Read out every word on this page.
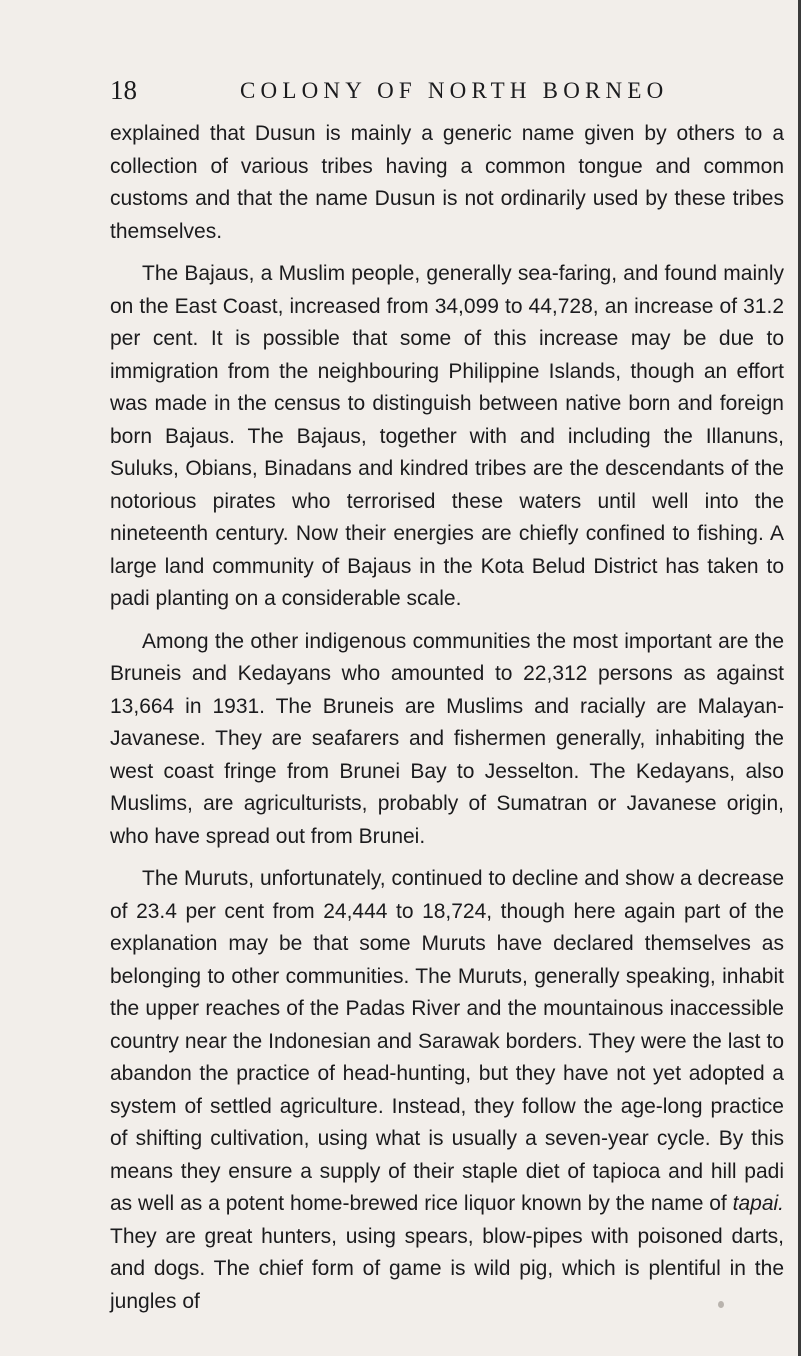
18	COLONY OF NORTH BORNEO

explained that Dusun is mainly a generic name given by others to a collection of various tribes having a common tongue and common customs and that the name Dusun is not ordinarily used by these tribes themselves.

The Bajaus, a Muslim people, generally sea-faring, and found mainly on the East Coast, increased from 34,099 to 44,728, an increase of 31.2 per cent. It is possible that some of this increase may be due to immigration from the neighbouring Philippine Islands, though an effort was made in the census to distinguish between native born and foreign born Bajaus. The Bajaus, together with and including the Illanuns, Suluks, Obians, Binadans and kindred tribes are the descendants of the notorious pirates who terrorised these waters until well into the nineteenth century. Now their energies are chiefly confined to fishing. A large land community of Bajaus in the Kota Belud District has taken to padi planting on a considerable scale.

Among the other indigenous communities the most important are the Bruneis and Kedayans who amounted to 22,312 persons as against 13,664 in 1931. The Bruneis are Muslims and racially are Malayan-Javanese. They are seafarers and fishermen generally, inhabiting the west coast fringe from Brunei Bay to Jesselton. The Kedayans, also Muslims, are agriculturists, probably of Sumatran or Javanese origin, who have spread out from Brunei.

The Muruts, unfortunately, continued to decline and show a decrease of 23.4 per cent from 24,444 to 18,724, though here again part of the explanation may be that some Muruts have declared themselves as belonging to other communities. The Muruts, generally speaking, inhabit the upper reaches of the Padas River and the mountainous inaccessible country near the Indonesian and Sarawak borders. They were the last to abandon the practice of head-hunting, but they have not yet adopted a system of settled agriculture. Instead, they follow the age-long practice of shifting cultivation, using what is usually a seven-year cycle. By this means they ensure a supply of their staple diet of tapioca and hill padi as well as a potent home-brewed rice liquor known by the name of tapai. They are great hunters, using spears, blow-pipes with poisoned darts, and dogs. The chief form of game is wild pig, which is plentiful in the jungles of
